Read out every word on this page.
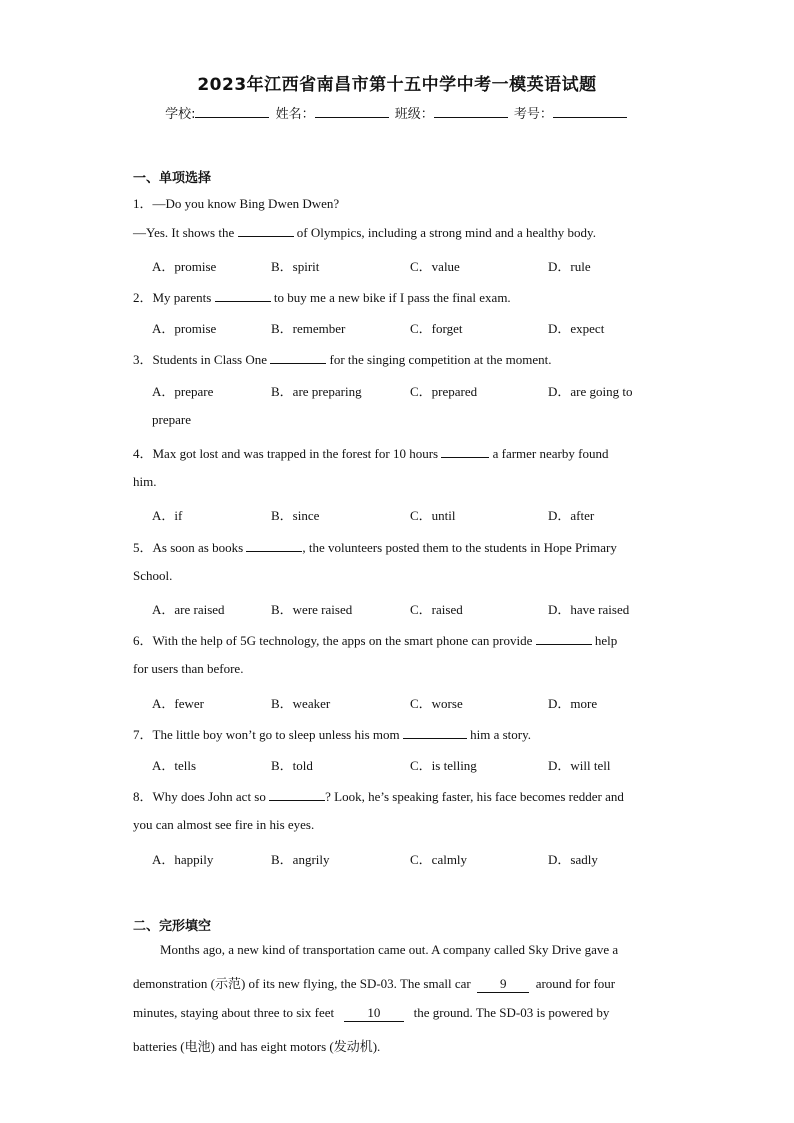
2023年江西省南昌市第十五中学中考一模英语试题
学校:	姓名：	班级：	考号：
一、单项选择
1．—Do you know Bing Dwen Dwen?
—Yes. It shows the	of Olympics, including a strong mind and a healthy body.
A．promise	B．spirit	C．value	D．rule
2．My parents	to buy me a new bike if I pass the final exam.
A．promise	B．remember	C．forget	D．expect
3．Students in Class One	for the singing competition at the moment.
A．prepare	B．are preparing	C．prepared	D．are going to
prepare
4．Max got lost and was trapped in the forest for 10 hours	a farmer nearby found
him.
A．if	B．since	C．until	D．after
5．As soon as books	, the volunteers posted them to the students in Hope Primary
School.
A．are raised	B．were raised	C．raised	D．have raised
6．With the help of 5G technology, the apps on the smart phone can provide	help
for users than before.
A．fewer	B．weaker	C．worse	D．more
7．The little boy won’t go to sleep unless his mom	him a story.
A．tells	B．told	C．is telling	D．will tell
8．Why does John act so	? Look, he’s speaking faster, his face becomes redder and
you can almost see fire in his eyes.
A．happily	B．angrily	C．calmly	D．sadly
二、完形填空
Months ago, a new kind of transportation came out. A company called Sky Drive gave a
demonstration (示范) of its new flying, the SD-03. The small car 9 around for four
minutes, staying about three to six feet	10	the ground. The SD-03 is powered by
batteries (电池) and has eight motors (发动机).
